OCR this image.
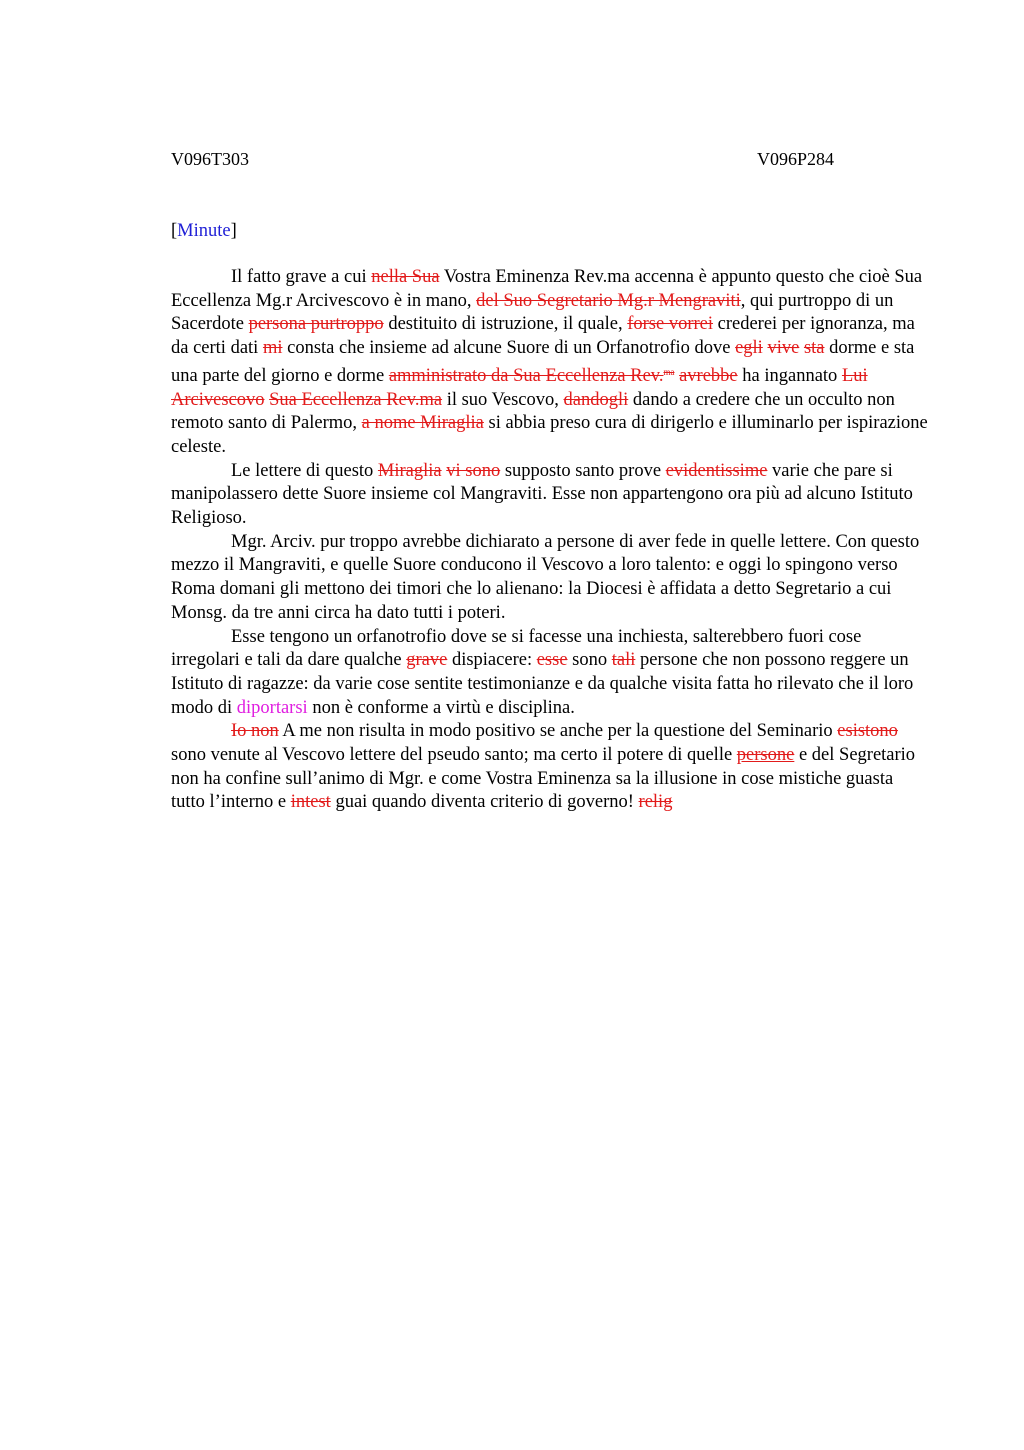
V096T303	V096P284
[Minute]

Il fatto grave a cui nella Sua Vostra Eminenza Rev.ma accenna è appunto questo che cioè Sua Eccellenza Mg.r Arcivescovo è in mano, del Suo Segretario Mg.r Mengraviti, qui purtroppo di un Sacerdote persona purtroppo destituito di istruzione, il quale, forse vorrei crederei per ignoranza, ma da certi dati mi consta che insieme ad alcune Suore di un Orfanotrofio dove egli vive sta dorme e sta una parte del giorno e dorme amministrato da Sua Eccellenza Rev.$^{ma}$ avrebbe ha ingannato Lui Arcivescovo Sua Eccellenza Rev.ma il suo Vescovo, dandogli dando a credere che un occulto non remoto santo di Palermo, a nome Miraglia si abbia preso cura di dirigerlo e illuminarlo per ispirazione celeste.

Le lettere di questo Miraglia vi sono supposto santo prove evidentissime varie che pare si manipolassero dette Suore insieme col Mangraviti. Esse non appartengono ora più ad alcuno Istituto Religioso.

Mgr. Arciv. pur troppo avrebbe dichiarato a persone di aver fede in quelle lettere. Con questo mezzo il Mangraviti, e quelle Suore conducono il Vescovo a loro talento: e oggi lo spingono verso Roma domani gli mettono dei timori che lo alienano: la Diocesi è affidata a detto Segretario a cui Monsg. da tre anni circa ha dato tutti i poteri.

Esse tengono un orfanotrofio dove se si facesse una inchiesta, salterebbero fuori cose irregolari e tali da dare qualche grave dispiacere: esse sono tali persone che non possono reggere un Istituto di ragazze: da varie cose sentite testimonianze e da qualche visita fatta ho rilevato che il loro modo di diportarsi non è conforme a virtù e disciplina.

Io non A me non risulta in modo positivo se anche per la questione del Seminario esistono sono venute al Vescovo lettere del pseudo santo; ma certo il potere di quelle persone e del Segretario non ha confine sull’animo di Mgr. e come Vostra Eminenza sa la illusione in cose mistiche guasta tutto l’interno e intest guai quando diventa criterio di governo! relig
